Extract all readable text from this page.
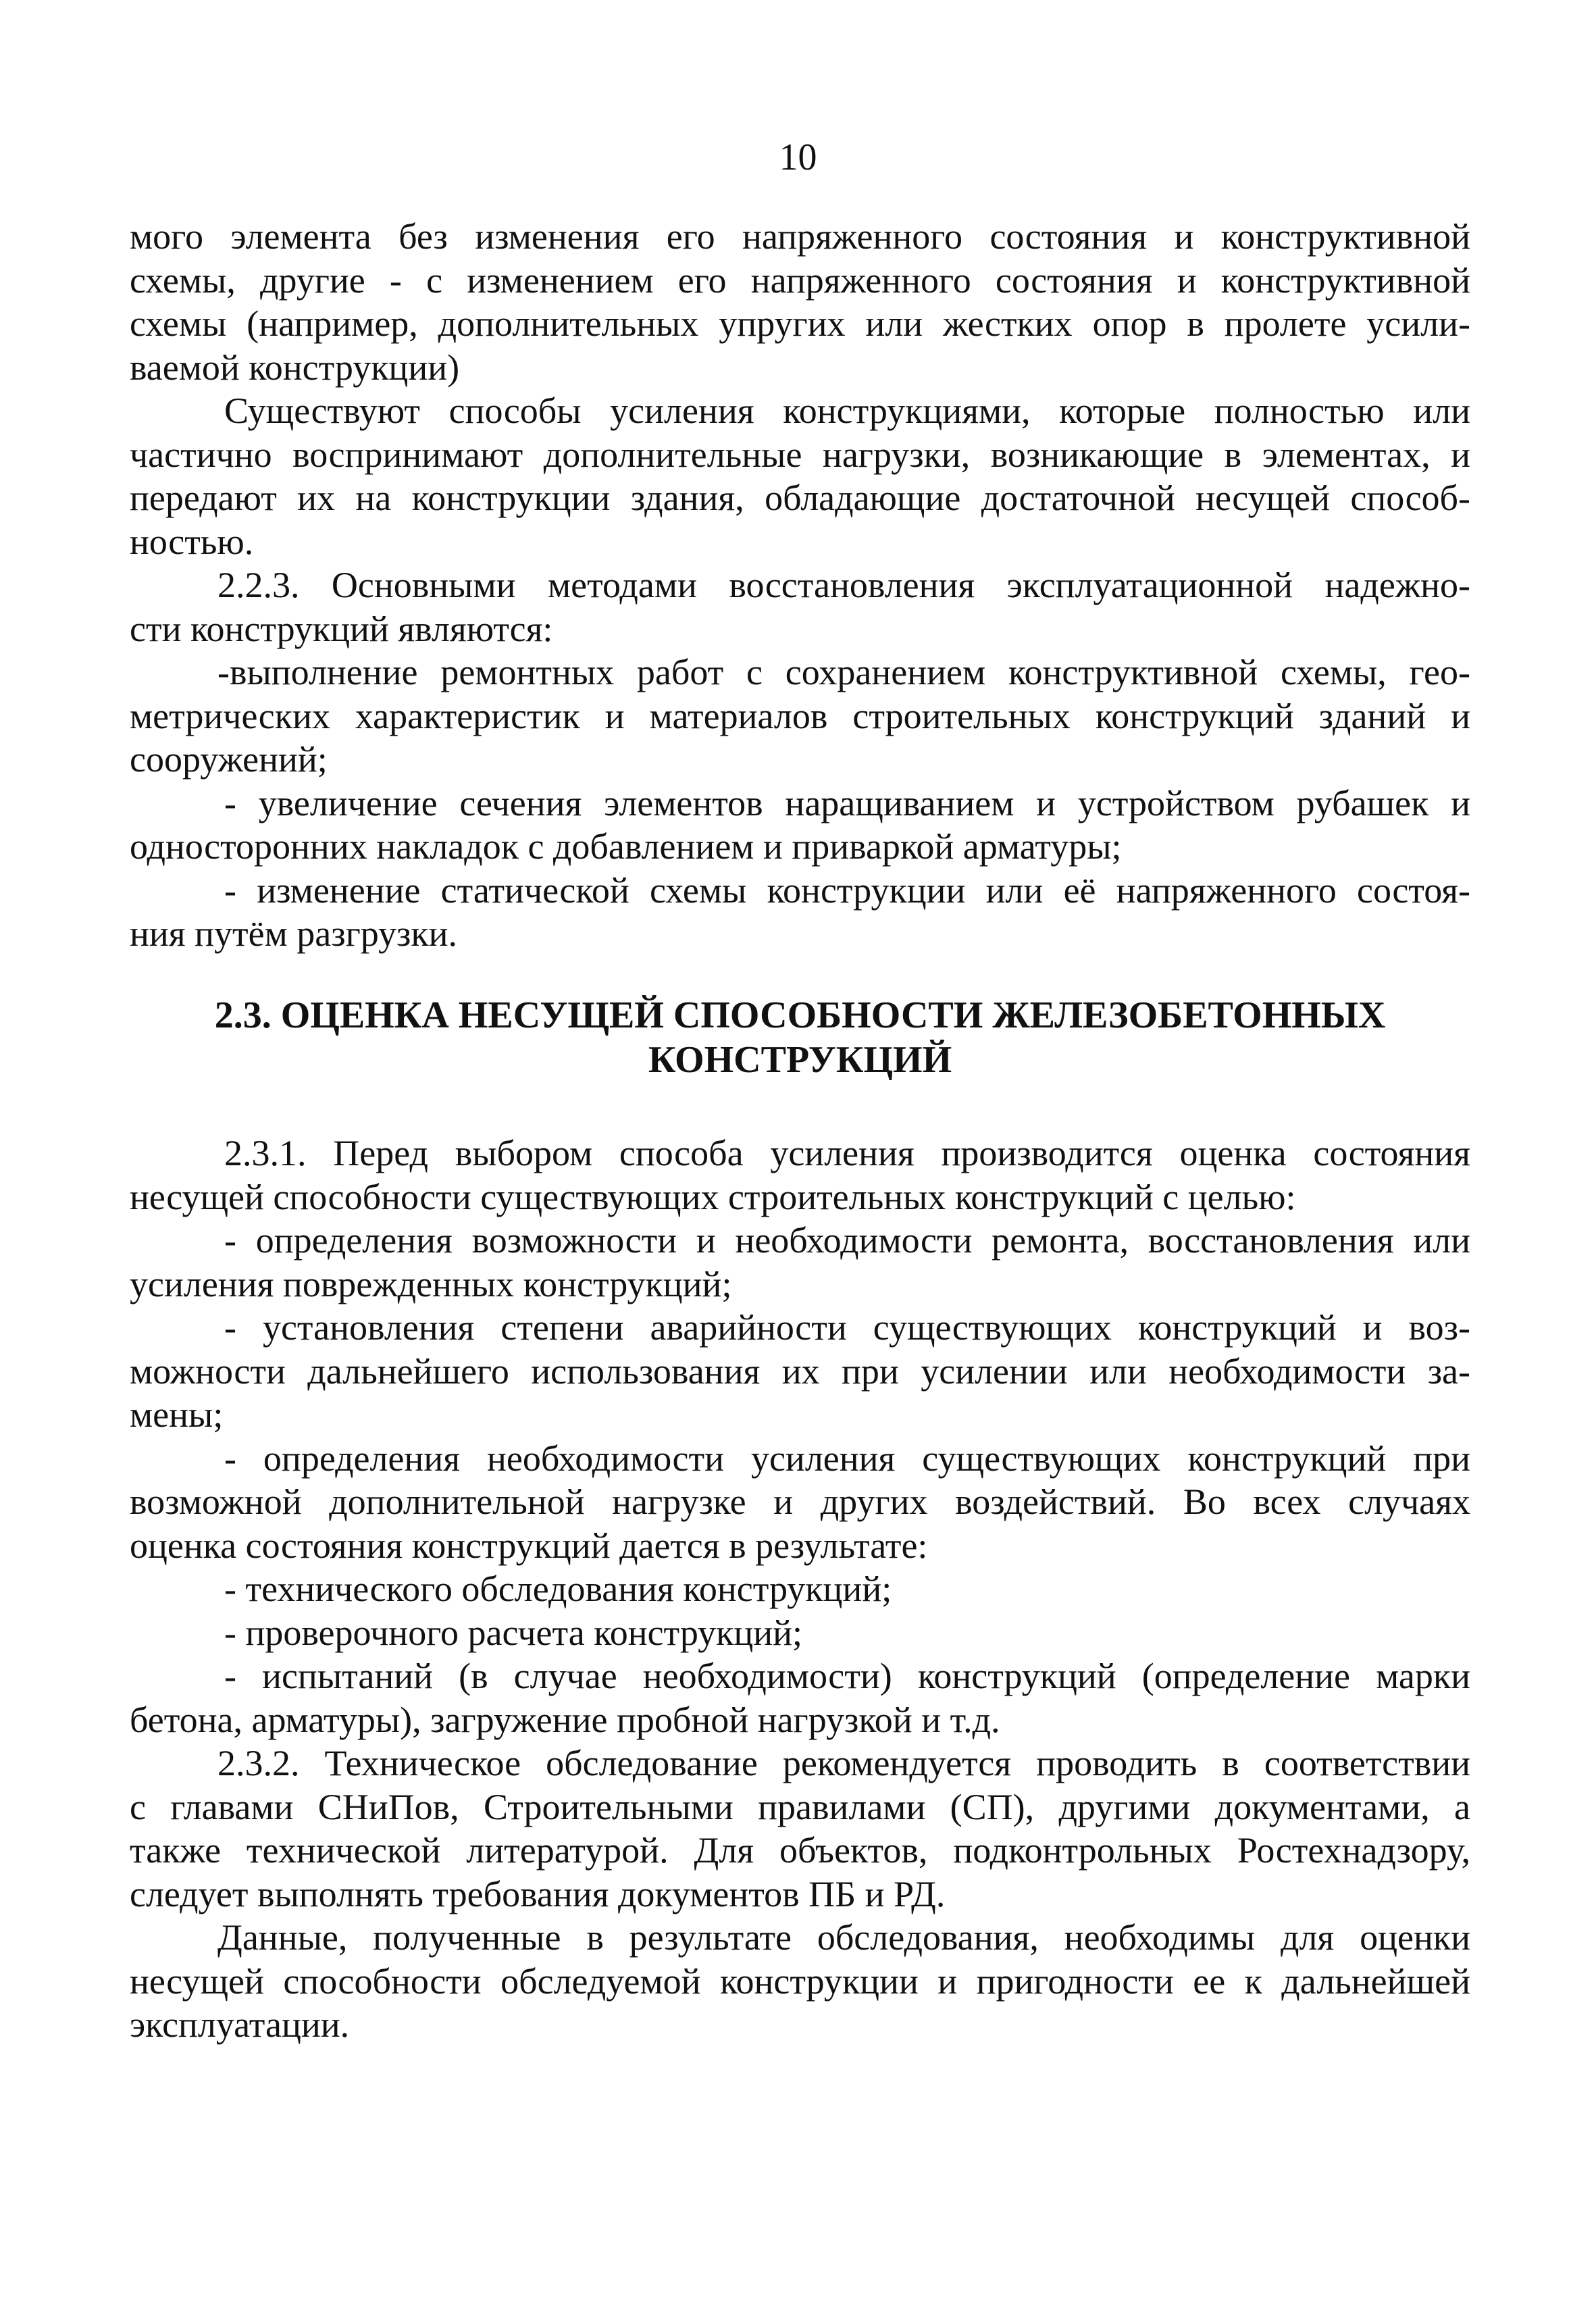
10
мого элемента без изменения его напряженного состояния и конструктивной
схемы, другие - с изменением его напряженного состояния и конструктивной
схемы (например, дополнительных упругих или жестких опор в пролете усили-
ваемой конструкции)
Существуют способы усиления конструкциями, которые полностью или
частично воспринимают дополнительные нагрузки, возникающие в элементах, и
передают их на конструкции здания, обладающие достаточной несущей способ-
ностью.
2.2.3. Основными методами восстановления эксплуатационной надежно-
сти конструкций являются:
-выполнение ремонтных работ с сохранением конструктивной схемы, гео-
метрических характеристик и материалов строительных конструкций зданий и
сооружений;
- увеличение сечения элементов наращиванием и устройством рубашек и
односторонних накладок с добавлением и приваркой арматуры;
- изменение статической схемы конструкции или её напряженного состоя-
ния путём разгрузки.
2.3. ОЦЕНКА НЕСУЩЕЙ СПОСОБНОСТИ ЖЕЛЕЗОБЕТОННЫХ
КОНСТРУКЦИЙ
2.3.1. Перед выбором способа усиления производится оценка состояния
несущей способности существующих строительных конструкций с целью:
- определения возможности и необходимости ремонта, восстановления или
усиления поврежденных конструкций;
- установления степени аварийности существующих конструкций и воз-
можности дальнейшего использования их при усилении или необходимости за-
мены;
- определения необходимости усиления существующих конструкций при
возможной дополнительной нагрузке и других воздействий. Во всех случаях
оценка состояния конструкций дается в результате:
- технического обследования конструкций;
- проверочного расчета конструкций;
- испытаний (в случае необходимости) конструкций (определение марки
бетона, арматуры), загружение пробной нагрузкой и т.д.
2.3.2. Техническое обследование рекомендуется проводить в соответствии
с главами СНиПов, Строительными правилами (СП), другими документами, а
также технической литературой. Для объектов, подконтрольных Ростехнадзору,
следует выполнять требования документов ПБ и РД.
Данные, полученные в результате обследования, необходимы для оценки
несущей способности обследуемой конструкции и пригодности ее к дальнейшей
эксплуатации.
